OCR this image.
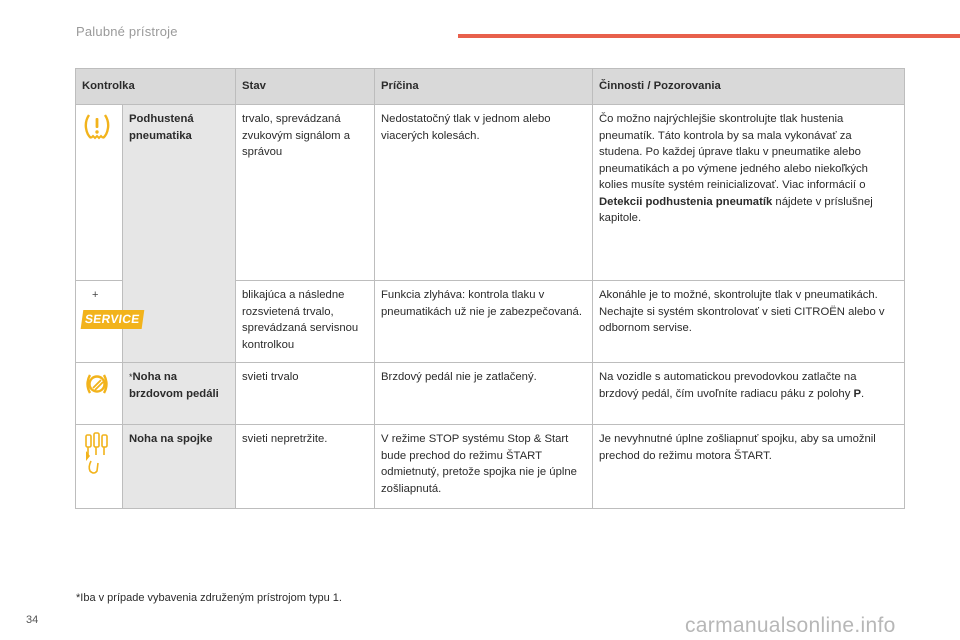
Palubné prístroje
Kontrolka		Stav	Príčina	Činnosti / Pozorovania
	Podhustená pneumatika	trvalo, sprevádzaná zvukovým signálom a správou	Nedostatočný tlak v jednom alebo viacerých kolesách.	Čo možno najrýchlejšie skontrolujte tlak hustenia pneumatík. Táto kontrola by sa mala vykonávať za studena. Po každej úprave tlaku v pneumatike alebo pneumatikách a po výmene jedného alebo niekoľkých kolies musíte systém reinicializovať. Viac informácií o Detekcii podhustenia pneumatík nájdete v príslušnej kapitole.

+
SERVICE		blikajúca a následne rozsvietená trvalo, sprevádzaná servisnou kontrolkou	Funkcia zlyháva: kontrola tlaku v pneumatikách už nie je zabezpečovaná.	Akonáhle je to možné, skontrolujte tlak v pneumatikách. Nechajte si systém skontrolovať v sieti CITROËN alebo v odbornom servise.
	*Noha na brzdovom pedáli	svieti trvalo	Brzdový pedál nie je zatlačený.	Na vozidle s automatickou prevodovkou zatlačte na brzdový pedál, čím uvoľníte radiacu páku z polohy P.
	Noha na spojke	svieti nepretržite.	V režime STOP systému Stop & Start bude prechod do režimu ŠTART odmietnutý, pretože spojka nie je úplne zošliapnutá.	Je nevyhnutné úplne zošliapnuť spojku, aby sa umožnil prechod do režimu motora ŠTART.
*Iba v prípade vybavenia združeným prístrojom typu 1.
34	carmanualsonline.info
